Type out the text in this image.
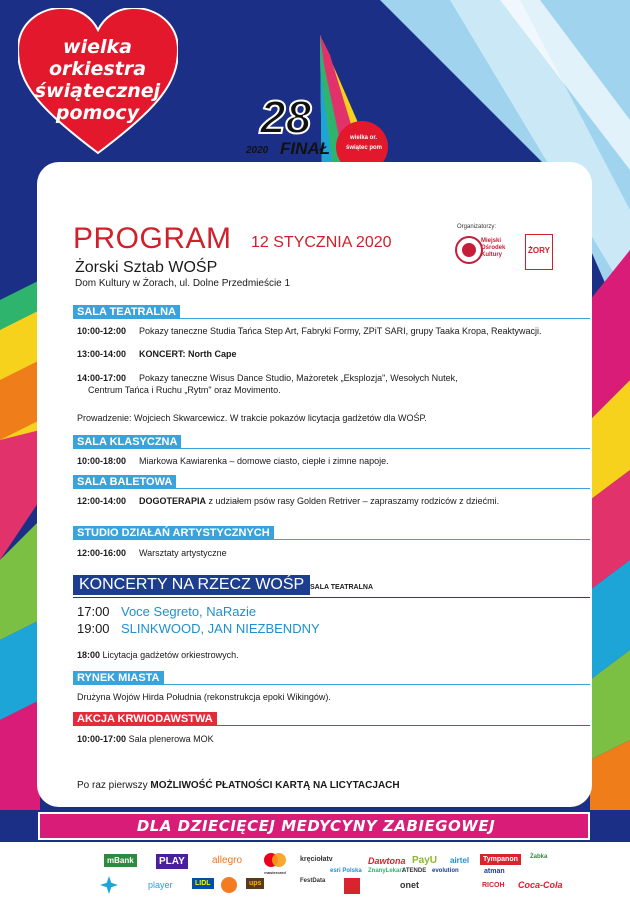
wielka orkiestra
świątecznej
pomocy	28
2020 FINAŁ
wielka or.
świątec pom
PROGRAM 12 STYCZNIA 2020
Żorski Sztab WOŚP
Dom Kultury w Żorach, ul. Dolne Przedmieście 1
Organizatorzy:
Miejski
Ośrodek
Kultury	ŻORY
SALA TEATRALNA
10:00-12:00 Pokazy taneczne Studia Tańca Step Art, Fabryki Formy, ZPiT SARI, grupy Taaka Kropa, Reaktywacji.
13:00-14:00 KONCERT: North Cape
14:00-17:00 Pokazy taneczne Wisus Dance Studio, Mażoretek „Eksplozja", Wesołych Nutek,
Centrum Tańca i Ruchu „Rytm" oraz Movimento.
Prowadzenie: Wojciech Skwarcewicz. W trakcie pokazów licytacja gadżetów dla WOŚP.
SALA KLASYCZNA
10:00-18:00 Miarkowa Kawiarenka – domowe ciasto, ciepłe i zimne napoje.
SALA BALETOWA
12:00-14:00 DOGOTERAPIA z udziałem psów rasy Golden Retriver – zapraszamy rodziców z dziećmi.
STUDIO DZIAŁAŃ ARTYSTYCZNYCH
12:00-16:00 Warsztaty artystyczne
KONCERTY NA RZECZ WOŚP SALA TEATRALNA
17:00 Voce Segreto, NaRazie
19:00 SLINKWOOD, JAN NIEZBENDNY
18:00 Licytacja gadżetów orkiestrowych.
RYNEK MIASTA
Drużyna Wojów Hirda Południa (rekonstrukcja epoki Wikingów).
AKCJA KRWIODAWSTWA
10:00-17:00 Sala plenerowa MOK
Po raz pierwszy MOŻLIWOŚĆ PŁATNOŚCI KARTĄ NA LICYTACJACH
DLA DZIECIĘCEJ MEDYCYNY ZABIEGOWEJ
mBank	PLAY	allegro
mastercard
kręciołatv	Dawtona PayU airtel	Tympanon	Żabka
player	LIDL	ups	FestData
esri Polska ZnanyLekarz
onet
evolution
ATENDE	atman
RICOH Coca-Cola
